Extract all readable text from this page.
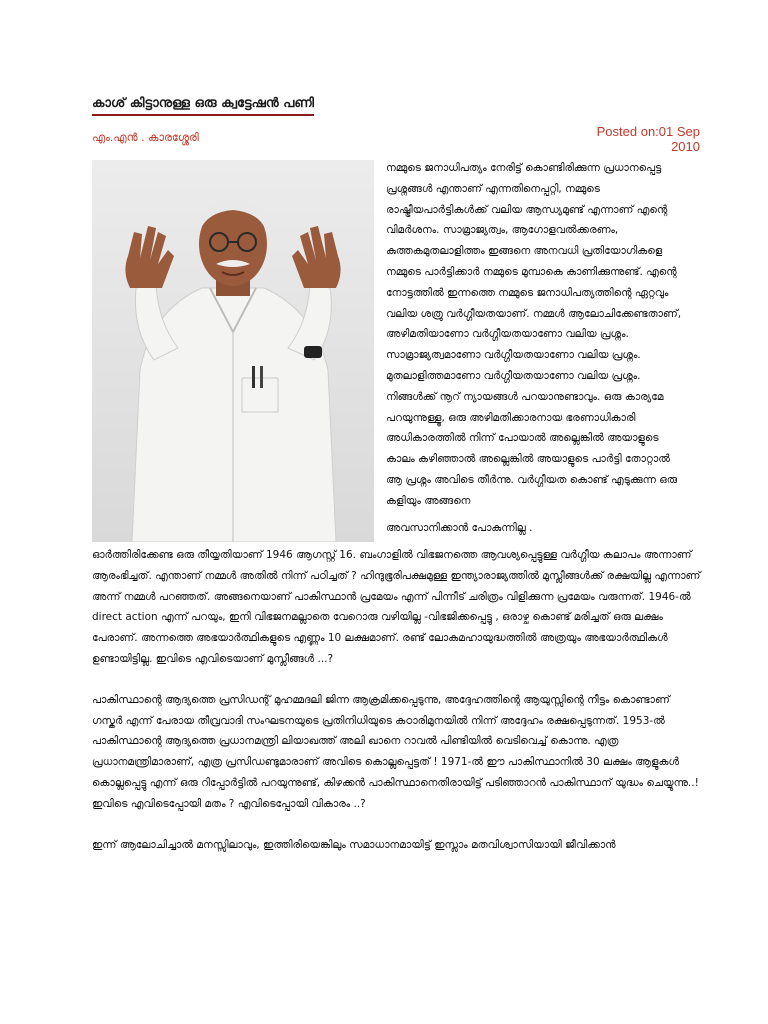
കാശ് കിട്ടാനുള്ള ഒരു ക്വട്ടേഷന്‍ പണി
എം.എന്‍ . കാരശ്ശേരി	Posted on:01 Sep
2010

നമ്മുടെ ജനാധിപത്യം നേരിട്ട് കൊണ്ടിരിക്കുന്ന പ്രധാനപ്പെട്ട പ്രശ്നങ്ങള്‍ എന്താണ് എന്നതിനെപ്പറ്റി, നമ്മുടെ രാഷ്ട്രീയപാര്‍ട്ടികള്‍ക്ക് വലിയ ആന്ധ്യമുണ്ട് എന്നാണ് എന്റെ വിമര്‍ശനം. സാമ്രാജ്യത്വം, ആഗോളവല്‍ക്കരണം, കുത്തകമുതലാളിത്തം ഇങ്ങനെ അനവധി പ്രതിയോഗികളെ നമ്മുടെ പാര്‍ട്ടിക്കാര്‍ നമ്മുടെ മുമ്പാകെ കാണിക്കുന്നുണ്ട്. എന്റെ നോട്ടത്തില്‍ ഇന്നത്തെ നമ്മുടെ ജനാധിപത്യത്തിന്റെ ഏറ്റവും വലിയ ശത്രു വര്‍ഗ്ഗീയതയാണ്. നമ്മള്‍ ആലോചിക്കേണ്ടതാണ്, അഴിമതിയാണോ വര്‍ഗ്ഗീയതയാണോ വലിയ പ്രശ്നം. സാമ്രാജ്യത്വമാണോ വര്‍ഗ്ഗീയതയാണോ വലിയ പ്രശ്നം. മുതലാളിത്തമാണോ വര്‍ഗ്ഗീയതയാണോ വലിയ പ്രശ്നം. നിങ്ങള്‍ക്ക് നൂറ് ന്യായങ്ങള്‍ പറയാനുണ്ടാവും. ഒരു കാര്യമേ പറയുന്നുള്ളൂ, ഒരു അഴിമതിക്കാരനായ ഭരണാധികാരി അധികാരത്തില്‍ നിന്ന് പോയാല്‍ അല്ലെങ്കില്‍ അയാളുടെ കാലം കഴിഞ്ഞാല്‍ അല്ലെങ്കില്‍ അയാളുടെ പാര്‍ട്ടി തോറ്റാല്‍ ആ പ്രശ്നം അവിടെ തീര്‍ന്നു. വര്‍ഗ്ഗീയത കൊണ്ട് എടുക്കുന്ന ഒരു കളിയും അങ്ങനെ

അവസാനിക്കാന്‍ പോകുന്നില്ല .

ഓര്‍ത്തിരിക്കേണ്ട ഒരു തീയ്യതിയാണ് 1946 ആഗസ്റ്റ് 16. ബംഗാളില്‍ വിഭജനത്തെ ആവശ്യപ്പെട്ടുള്ള വര്‍ഗ്ഗീയ കലാപം അന്നാണ് ആരംഭിച്ചത്. എന്താണ് നമ്മള്‍ അതില്‍ നിന്ന് പഠിച്ചത് ? ഹിന്ദുഭൂരിപക്ഷമുള്ള ഇന്ത്യാരാജ്യത്തില്‍ മുസ്ലീങ്ങള്‍ക്ക് രക്ഷയില്ല എന്നാണ് അന്ന് നമ്മള്‍ പറഞ്ഞത്. അങ്ങനെയാണ് പാകിസ്ഥാന്‍ പ്രമേയം എന്ന് പിന്നീട് ചരിത്രം വിളിക്കുന്ന പ്രമേയം വരുന്നത്. 1946-ല്‍ direct action എന്ന് പറയും, ഇനി വിഭജനമല്ലാതെ വേറൊരു വഴിയില്ല -വിഭജിക്കപ്പെട്ടു , ഒരാഴ്ച കൊണ്ട് മരിച്ചത് ഒരു ലക്ഷം പേരാണ്. അന്നത്തെ അഭയാര്‍ത്ഥികളുടെ എണ്ണം 10 ലക്ഷമാണ്. രണ്ട് ലോകമഹായുദ്ധത്തില്‍ അത്രയും അഭയാര്‍ത്ഥികള്‍ ഉണ്ടായിട്ടില്ല. ഇവിടെ എവിടെയാണ് മുസ്ലീങ്ങള്‍ ...?

പാകിസ്ഥാന്റെ ആദ്യത്തെ പ്രസിഡന്റ് മുഹമ്മദലി ജിന്ന ആക്രമിക്കപ്പെടുന്നു, അദ്ദേഹത്തിന്റെ ആയുസ്സിന്റെ നീട്ടം കൊണ്ടാണ് ഗസ്കര്‍ എന്ന് പേരായ തീവ്രവാദി സംഘടനയുടെ പ്രതിനിധിയുടെ കഠാരിമുനയില്‍ നിന്ന് അദ്ദേഹം രക്ഷപ്പെടുന്നത്. 1953-ല്‍ പാകിസ്ഥാന്റെ ആദ്യത്തെ പ്രധാനമന്ത്രി ലിയാഖത്ത് അലി ഖാനെ റാവല്‍ പിണ്ടിയില്‍ വെടിവെച്ച് കൊന്നു. എത്ര പ്രധാനമന്ത്രിമാരാണ്, എത്ര പ്രസിഡണ്ടുമാരാണ് അവിടെ കൊല്ലപ്പെട്ടത് ! 1971-ല്‍ ഈ പാകിസ്ഥാനില്‍ 30 ലക്ഷം ആളുകള്‍ കൊല്ലപ്പെട്ടു എന്ന് ഒരു റിപ്പോര്‍ട്ടില്‍ പറയുന്നുണ്ട്, കിഴക്കന്‍ പാകിസ്ഥാനെതിരായിട്ട് പടിഞ്ഞാറന്‍ പാകിസ്ഥാന് യുദ്ധം ചെയ്യുന്നു..! ഇവിടെ എവിടെപ്പോയി മതം ? എവിടെപ്പോയി വികാരം ..?

ഇന്ന് ആലോചിച്ചാല്‍ മനസ്സിലാവും, ഇത്തിരിയെങ്കിലും സമാധാനമായിട്ട് ഇസ്ലാം മതവിശ്വാസിയായി ജീവിക്കാന്‍
